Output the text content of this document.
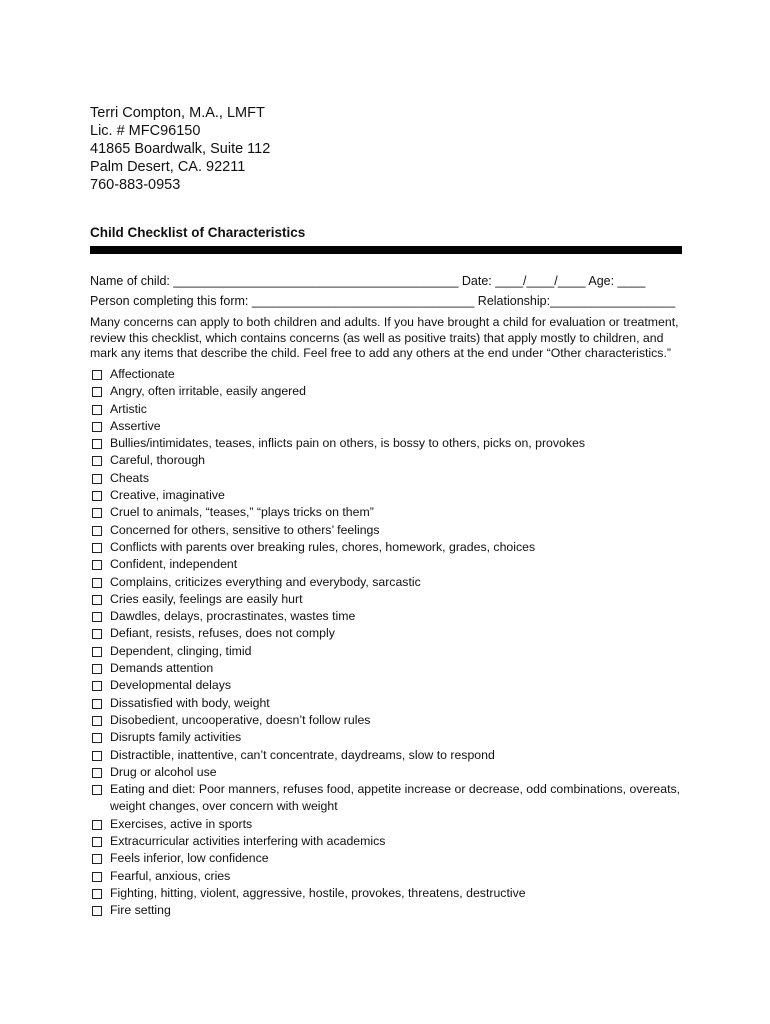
Terri Compton, M.A., LMFT
Lic. # MFC96150
41865 Boardwalk, Suite 112
Palm Desert, CA. 92211
760-883-0953
Child Checklist of Characteristics
Name of child: _________________________________________ Date: ____/____/____ Age: ____
Person completing this form: ________________________________ Relationship:__________________
Many concerns can apply to both children and adults. If you have brought a child for evaluation or treatment, review this checklist, which contains concerns (as well as positive traits) that apply mostly to children, and mark any items that describe the child. Feel free to add any others at the end under “Other characteristics.”
Affectionate
Angry, often irritable, easily angered
Artistic
Assertive
Bullies/intimidates, teases, inflicts pain on others, is bossy to others, picks on, provokes
Careful, thorough
Cheats
Creative, imaginative
Cruel to animals, “teases,” “plays tricks on them”
Concerned for others, sensitive to others’ feelings
Conflicts with parents over breaking rules, chores, homework, grades, choices
Confident, independent
Complains, criticizes everything and everybody, sarcastic
Cries easily, feelings are easily hurt
Dawdles, delays, procrastinates, wastes time
Defiant, resists, refuses, does not comply
Dependent, clinging, timid
Demands attention
Developmental delays
Dissatisfied with body, weight
Disobedient, uncooperative, doesn’t follow rules
Disrupts family activities
Distractible, inattentive, can’t concentrate, daydreams, slow to respond
Drug or alcohol use
Eating and diet: Poor manners, refuses food, appetite increase or decrease, odd combinations, overeats, weight changes, over concern with weight
Exercises, active in sports
Extracurricular activities interfering with academics
Feels inferior, low confidence
Fearful, anxious, cries
Fighting, hitting, violent, aggressive, hostile, provokes, threatens, destructive
Fire setting
